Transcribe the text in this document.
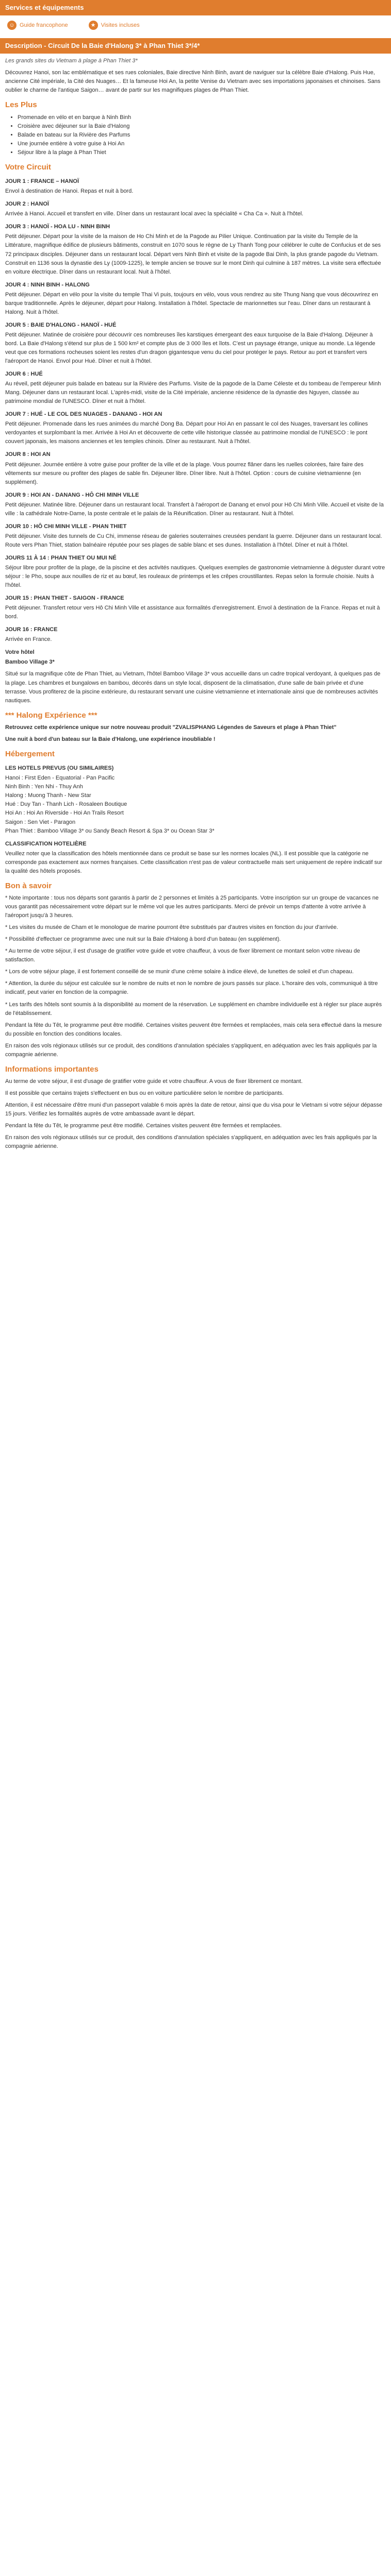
Services et équipements
☺ Guide francophone	★ Visites incluses
Description - Circuit De la Baie d'Halong 3* à Phan Thiet 3*/4*

Les grands sites du Vietnam à plage à Phan Thiet 3*

Découvrez Hanoi, son lac emblématique et ses rues coloniales, Baie directive Ninh Binh, avant de naviguer sur la célèbre Baie d'Halong. Puis Hue, ancienne Cité impériale, la Cité des Nuages… Et la fameuse Hoi An, la petite Venise du Vietnam avec ses importations japonaises et chinoises. Sans oublier le charme de l'antique Saigon… avant de partir sur les magnifiques plages de Phan Thiet.

Les Plus
• Promenade en vélo et en barque à Ninh Binh
• Croisière avec déjeuner sur la Baie d'Halong
• Balade en bateau sur la Rivière des Parfums
• Une journée entière à votre guise à Hoi An
• Séjour libre à la plage à Phan Thiet
Votre Circuit
JOUR 1 : FRANCE – HANOÏ

Envol à destination de Hanoi. Repas et nuit à bord.

JOUR 2 : HANOÏ

Arrivée à Hanoi. Accueil et transfert en ville. Dîner dans un restaurant local avec la spécialité « Cha Ca ». Nuit à l'hôtel.

JOUR 3 : HANOÏ - HOA LU - NINH BINH

Petit déjeuner. Départ pour la visite de la maison de Ho Chi Minh et de la Pagode au Pilier Unique. Continuation par la visite du Temple de la Littérature, magnifique édifice de plusieurs bâtiments, construit en 1070 sous le règne de Ly Thanh Tong pour célébrer le culte de Confucius et de ses 72 principaux disciples. Déjeuner dans un restaurant local. Départ vers Ninh Binh et visite de la pagode Bai Dinh, la plus grande pagode du Vietnam. Construit en 1136 sous la dynastie des Ly (1009-1225), le temple ancien se trouve sur le mont Dinh qui culmine à 187 mètres. La visite sera effectuée en voiture électrique. Dîner dans un restaurant local. Nuit à l'hôtel.

JOUR 4 : NINH BINH - HALONG

Petit déjeuner. Départ en vélo pour la visite du temple Thai Vi puis, toujours en vélo, vous vous rendrez au site Thung Nang que vous découvrirez en barque traditionnelle. Après le déjeuner, départ pour Halong. Installation à l'hôtel. Spectacle de marionnettes sur l'eau. Dîner dans un restaurant à Halong. Nuit à l'hôtel.

JOUR 5 : BAIE D'HALONG - HANOÏ - HUÉ

Petit déjeuner. Matinée de croisière pour découvrir ces nombreuses îles karstiques émergeant des eaux turquoise de la Baie d'Halong. Déjeuner à bord. La Baie d'Halong s'étend sur plus de 1 500 km² et compte plus de 3 000 îles et îlots. C'est un paysage étrange, unique au monde. La légende veut que ces formations rocheuses soient les restes d'un dragon gigantesque venu du ciel pour protéger le pays. Retour au port et transfert vers l'aéroport de Hanoi. Envol pour Hué. Dîner et nuit à l'hôtel.

JOUR 6 : HUÉ

Au réveil, petit déjeuner puis balade en bateau sur la Rivière des Parfums. Visite de la pagode de la Dame Céleste et du tombeau de l'empereur Minh Mang. Déjeuner dans un restaurant local. L'après-midi, visite de la Cité impériale, ancienne résidence de la dynastie des Nguyen, classée au patrimoine mondial de l'UNESCO. Dîner et nuit à l'hôtel.

JOUR 7 : HUÉ - LE COL DES NUAGES - DANANG - HOI AN

Petit déjeuner. Promenade dans les rues animées du marché Dong Ba. Départ pour Hoi An en passant le col des Nuages, traversant les collines verdoyantes et surplombant la mer. Arrivée à Hoi An et découverte de cette ville historique classée au patrimoine mondial de l'UNESCO : le pont couvert japonais, les maisons anciennes et les temples chinois. Dîner au restaurant. Nuit à l'hôtel.

JOUR 8 : HOI AN

Petit déjeuner. Journée entière à votre guise pour profiter de la ville et de la plage. Vous pourrez flâner dans les ruelles colorées, faire faire des vêtements sur mesure ou profiter des plages de sable fin. Déjeuner libre. Dîner libre. Nuit à l'hôtel. Option : cours de cuisine vietnamienne (en supplément).

JOUR 9 : HOI AN - DANANG - HÔ CHI MINH VILLE

Petit déjeuner. Matinée libre. Déjeuner dans un restaurant local. Transfert à l'aéroport de Danang et envol pour Hô Chi Minh Ville. Accueil et visite de la ville : la cathédrale Notre-Dame, la poste centrale et le palais de la Réunification. Dîner au restaurant. Nuit à l'hôtel.

JOUR 10 : HÔ CHI MINH VILLE - PHAN THIET

Petit déjeuner. Visite des tunnels de Cu Chi, immense réseau de galeries souterraines creusées pendant la guerre. Déjeuner dans un restaurant local. Route vers Phan Thiet, station balnéaire réputée pour ses plages de sable blanc et ses dunes. Installation à l'hôtel. Dîner et nuit à l'hôtel.

JOURS 11 À 14 : PHAN THIET OU MUI NÉ

Séjour libre pour profiter de la plage, de la piscine et des activités nautiques. Quelques exemples de gastronomie vietnamienne à déguster durant votre séjour : le Pho, soupe aux nouilles de riz et au bœuf, les rouleaux de printemps et les crêpes croustillantes. Repas selon la formule choisie. Nuits à l'hôtel.

JOUR 15 : PHAN THIET - SAIGON - FRANCE

Petit déjeuner. Transfert retour vers Hô Chi Minh Ville et assistance aux formalités d'enregistrement. Envol à destination de la France. Repas et nuit à bord.

JOUR 16 : FRANCE

Arrivée en France.

Votre hôtel

Bamboo Village 3*

Situé sur la magnifique côte de Phan Thiet, au Vietnam, l'hôtel Bamboo Village 3* vous accueille dans un cadre tropical verdoyant, à quelques pas de la plage. Les chambres et bungalows en bambou, décorés dans un style local, disposent de la climatisation, d'une salle de bain privée et d'une terrasse. Vous profiterez de la piscine extérieure, du restaurant servant une cuisine vietnamienne et internationale ainsi que de nombreuses activités nautiques.

*** Halong Expérience ***

Retrouvez cette expérience unique sur notre nouveau produit "ZVALISPHANG Légendes de Saveurs et plage à Phan Thiet"

Une nuit à bord d'un bateau sur la Baie d'Halong, une expérience inoubliable !

Hébergement
LES HOTELS PREVUS (OU SIMILAIRES)
Hanoi : First Eden - Equatorial - Pan Pacific
Ninh Binh : Yen Nhi - Thuy Anh
Halong : Muong Thanh - New Star
Hué : Duy Tan - Thanh Lich - Rosaleen Boutique
Hoi An : Hoi An Riverside - Hoi An Trails Resort
Saigon : Sen Viet - Paragon
Phan Thiet : Bamboo Village 3* ou Sandy Beach Resort & Spa 3* ou Ocean Star 3*
CLASSIFICATION HOTELIÈRE

Veuillez noter que la classification des hôtels mentionnée dans ce produit se base sur les normes locales (NL). Il est possible que la catégorie ne corresponde pas exactement aux normes françaises. Cette classification n'est pas de valeur contractuelle mais sert uniquement de repère indicatif sur la qualité des hôtels proposés.

Bon à savoir

* Note importante : tous nos départs sont garantis à partir de 2 personnes et limités à 25 participants. Votre inscription sur un groupe de vacances ne vous garantit pas nécessairement votre départ sur le même vol que les autres participants. Merci de prévoir un temps d'attente à votre arrivée à l'aéroport jusqu'à 3 heures.

* Les visites du musée de Cham et le monologue de marine pourront être substitués par d'autres visites en fonction du jour d'arrivée.

* Possibilité d'effectuer ce programme avec une nuit sur la Baie d'Halong à bord d'un bateau (en supplément).

* Au terme de votre séjour, il est d'usage de gratifier votre guide et votre chauffeur, à vous de fixer librement ce montant selon votre niveau de satisfaction.

* Lors de votre séjour plage, il est fortement conseillé de se munir d'une crème solaire à indice élevé, de lunettes de soleil et d'un chapeau.

* Attention, la durée du séjour est calculée sur le nombre de nuits et non le nombre de jours passés sur place. L'horaire des vols, communiqué à titre indicatif, peut varier en fonction de la compagnie.

* Les tarifs des hôtels sont soumis à la disponibilité au moment de la réservation. Le supplément en chambre individuelle est à régler sur place auprès de l'établissement.

Pendant la fête du Têt, le programme peut être modifié. Certaines visites peuvent être fermées et remplacées, mais cela sera effectué dans la mesure du possible en fonction des conditions locales.

En raison des vols régionaux utilisés sur ce produit, des conditions d'annulation spéciales s'appliquent, en adéquation avec les frais appliqués par la compagnie aérienne.

Informations importantes

Au terme de votre séjour, il est d'usage de gratifier votre guide et votre chauffeur. A vous de fixer librement ce montant.

Il est possible que certains trajets s'effectuent en bus ou en voiture particulière selon le nombre de participants.

Attention, il est nécessaire d'être muni d'un passeport valable 6 mois après la date de retour, ainsi que du visa pour le Vietnam si votre séjour dépasse 15 jours. Vérifiez les formalités auprès de votre ambassade avant le départ.

Pendant la fête du Têt, le programme peut être modifié. Certaines visites peuvent être fermées et remplacées.

En raison des vols régionaux utilisés sur ce produit, des conditions d'annulation spéciales s'appliquent, en adéquation avec les frais appliqués par la compagnie aérienne.
